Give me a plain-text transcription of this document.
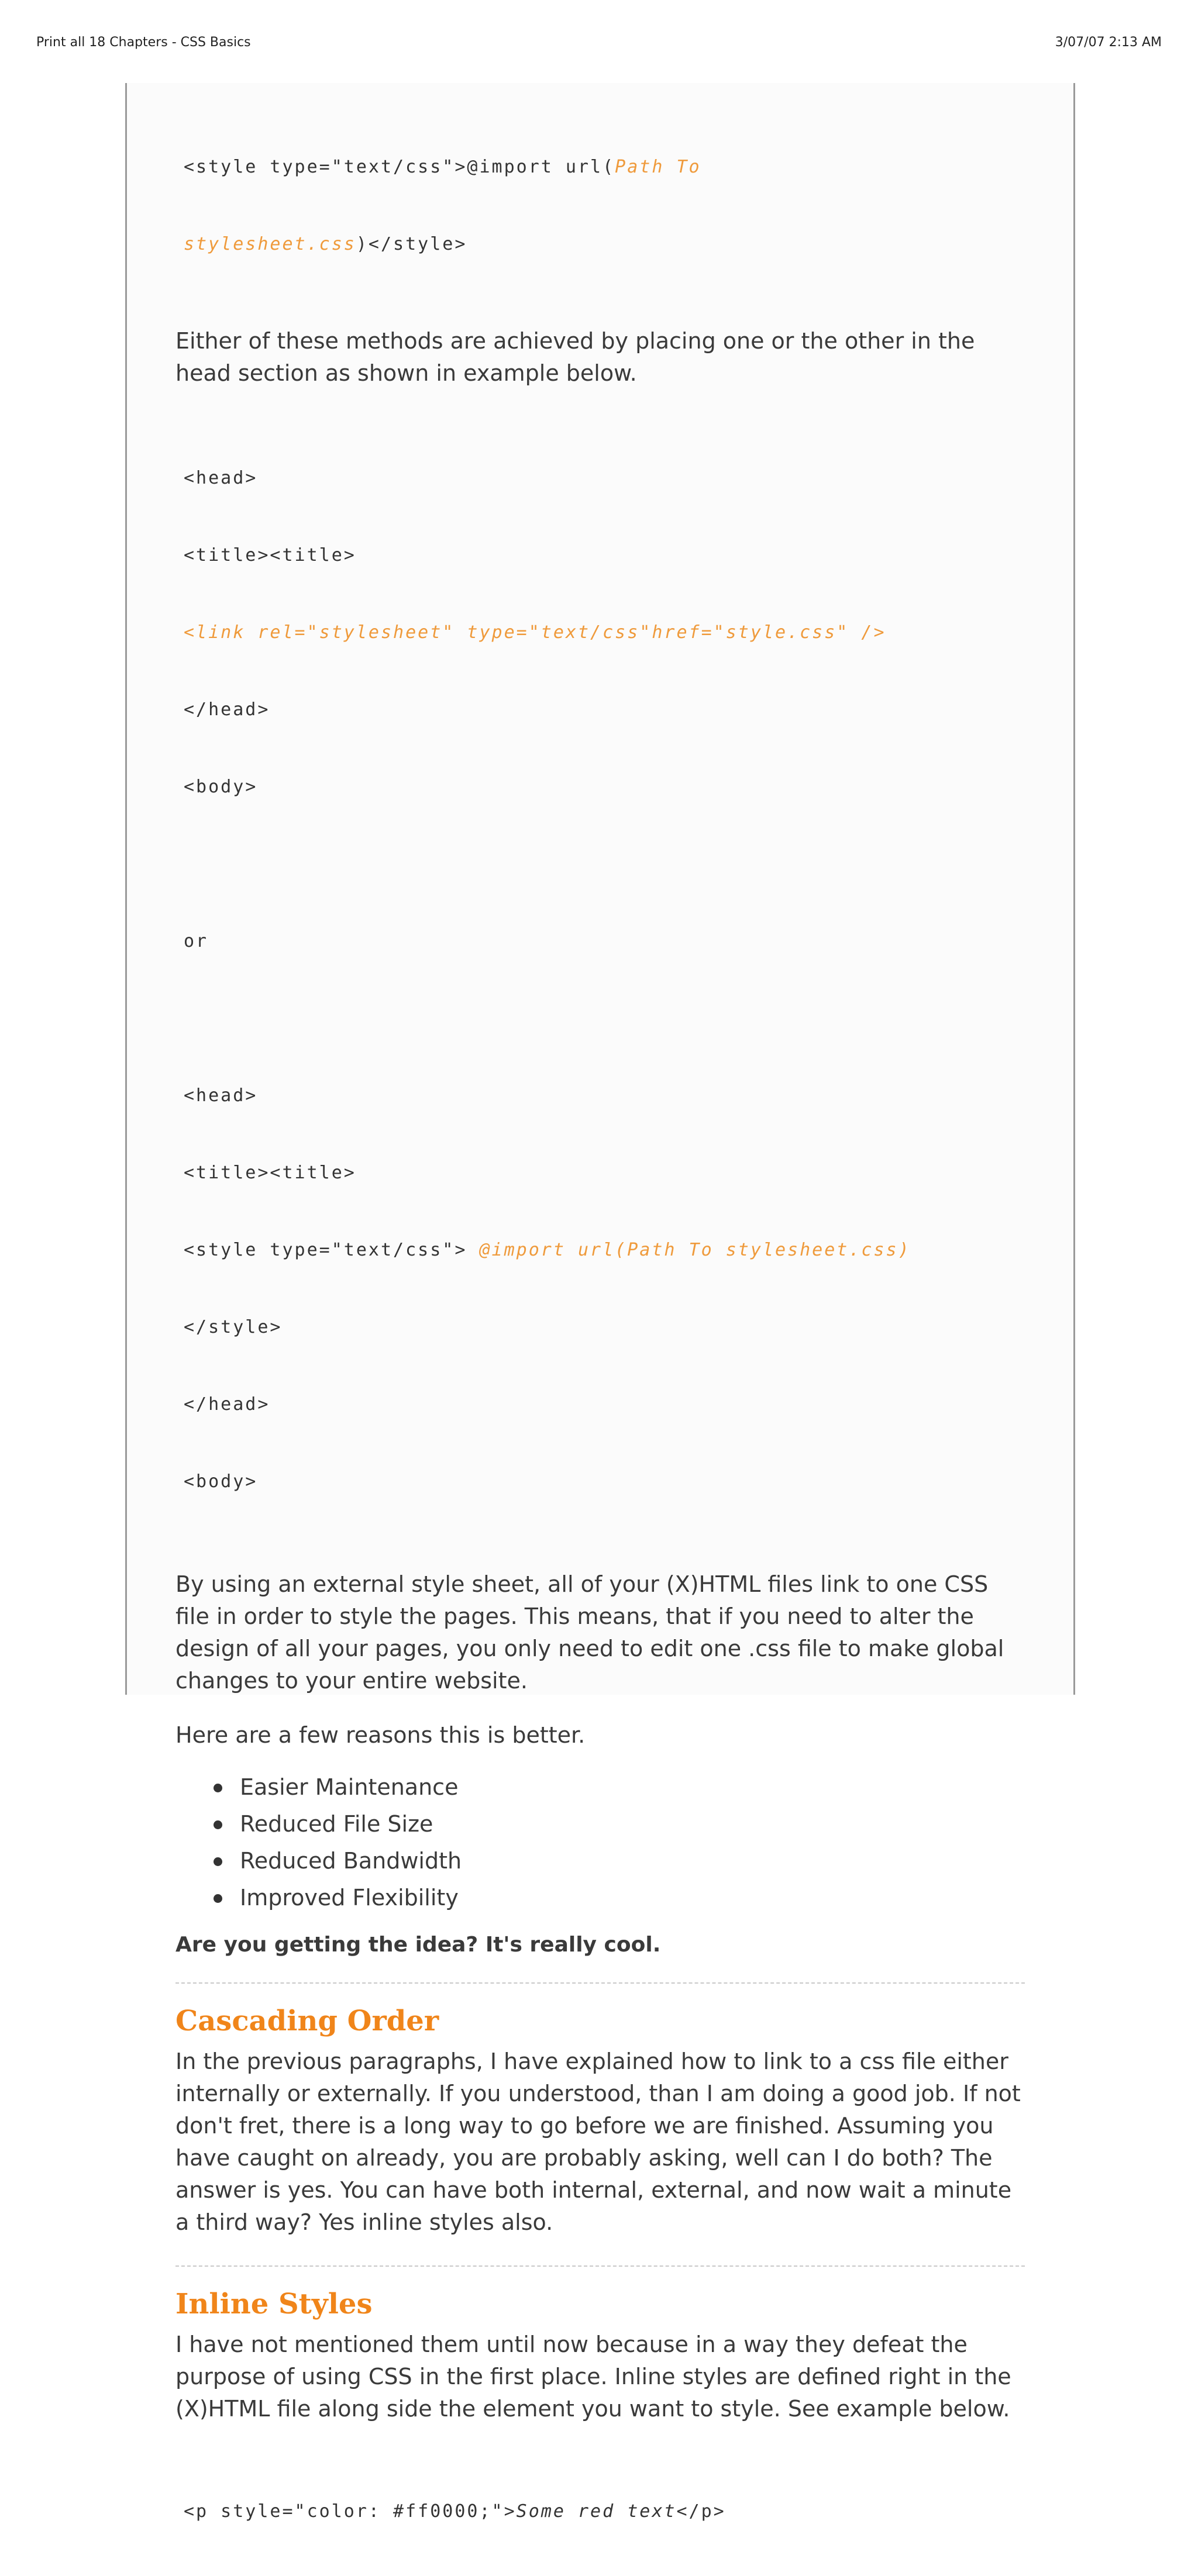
Print all 18 Chapters - CSS Basics	3/07/07 2:13 AM

<style type="text/css">@import url(Path To

stylesheet.css)</style>

Either of these methods are achieved by placing one or the other in the head section as shown in example below.

<head>

<title><title>

<link rel="stylesheet" type="text/css"href="style.css" />

</head>

<body>

or

<head>

<title><title>

<style type="text/css"> @import url(Path To stylesheet.css)

</style>

</head>

<body>

By using an external style sheet, all of your (X)HTML files link to one CSS file in order to style the pages. This means, that if you need to alter the design of all your pages, you only need to edit one .css file to make global changes to your entire website.

Here are a few reasons this is better.

Easier Maintenance
Reduced File Size
Reduced Bandwidth
Improved Flexibility

Are you getting the idea? It's really cool.

Cascading Order

In the previous paragraphs, I have explained how to link to a css file either internally or externally. If you understood, than I am doing a good job. If not don't fret, there is a long way to go before we are finished. Assuming you have caught on already, you are probably asking, well can I do both? The answer is yes. You can have both internal, external, and now wait a minute a third way? Yes inline styles also.

Inline Styles

I have not mentioned them until now because in a way they defeat the purpose of using CSS in the first place. Inline styles are defined right in the (X)HTML file along side the element you want to style. See example below.

<p style="color: #ff0000;">Some red text</p>
